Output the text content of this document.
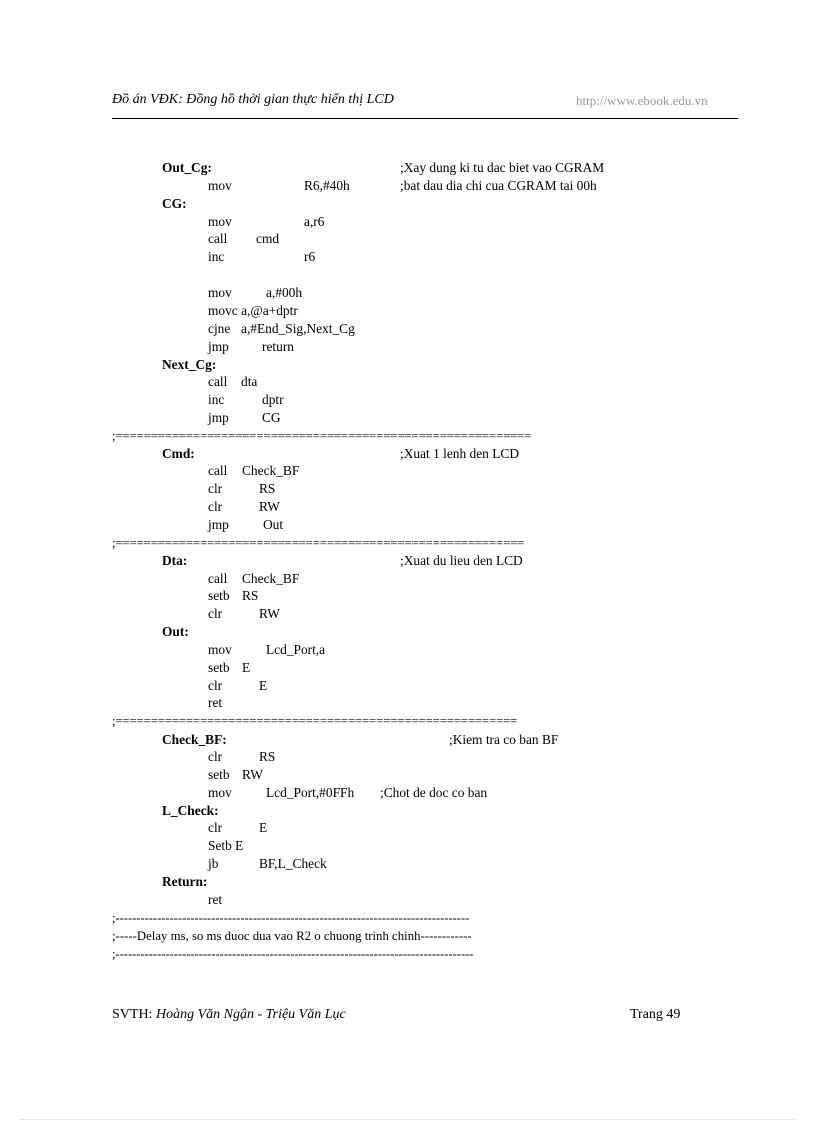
Đồ án VĐK: Đồng hồ thời gian thực hiển thị LCD	http://www.ebook.edu.vn
Out_Cg:	;Xay dung ki tu dac biet vao CGRAM
mov	R6,#40h	;bat dau dia chi cua CGRAM tai 00h
CG:
mov	a,r6
call cmd
inc	r6
mov	a,#00h
movc a,@a+dptr
cjne a,#End_Sig,Next_Cg
jmp return
Next_Cg:
call dta
inc	dptr
jmp CG
;===========================================================
Cmd:	;Xuat 1 lenh den LCD
call Check_BF
clr	RS
clr	RW
jmp	Out
;==========================================================
Dta:	;Xuat du lieu den LCD
call Check_BF
setb RS
clr	RW
Out:
mov	Lcd_Port,a
setb E
clr	E
ret
;=========================================================
Check_BF:	;Kiem tra co ban BF
clr	RS
setb RW
mov	Lcd_Port,#0FFh ;Chot de doc co ban
L_Check:
clr	E
Setb E
jb	BF,L_Check
Return:
ret
;-------------------------------------------------------------------------------------
;-----Delay ms, so ms duoc dua vao R2 o chuong trinh chinh------------
;--------------------------------------------------------------------------------------
SVTH: Hoàng Văn Ngận - Triệu Văn Lục	Trang 49
